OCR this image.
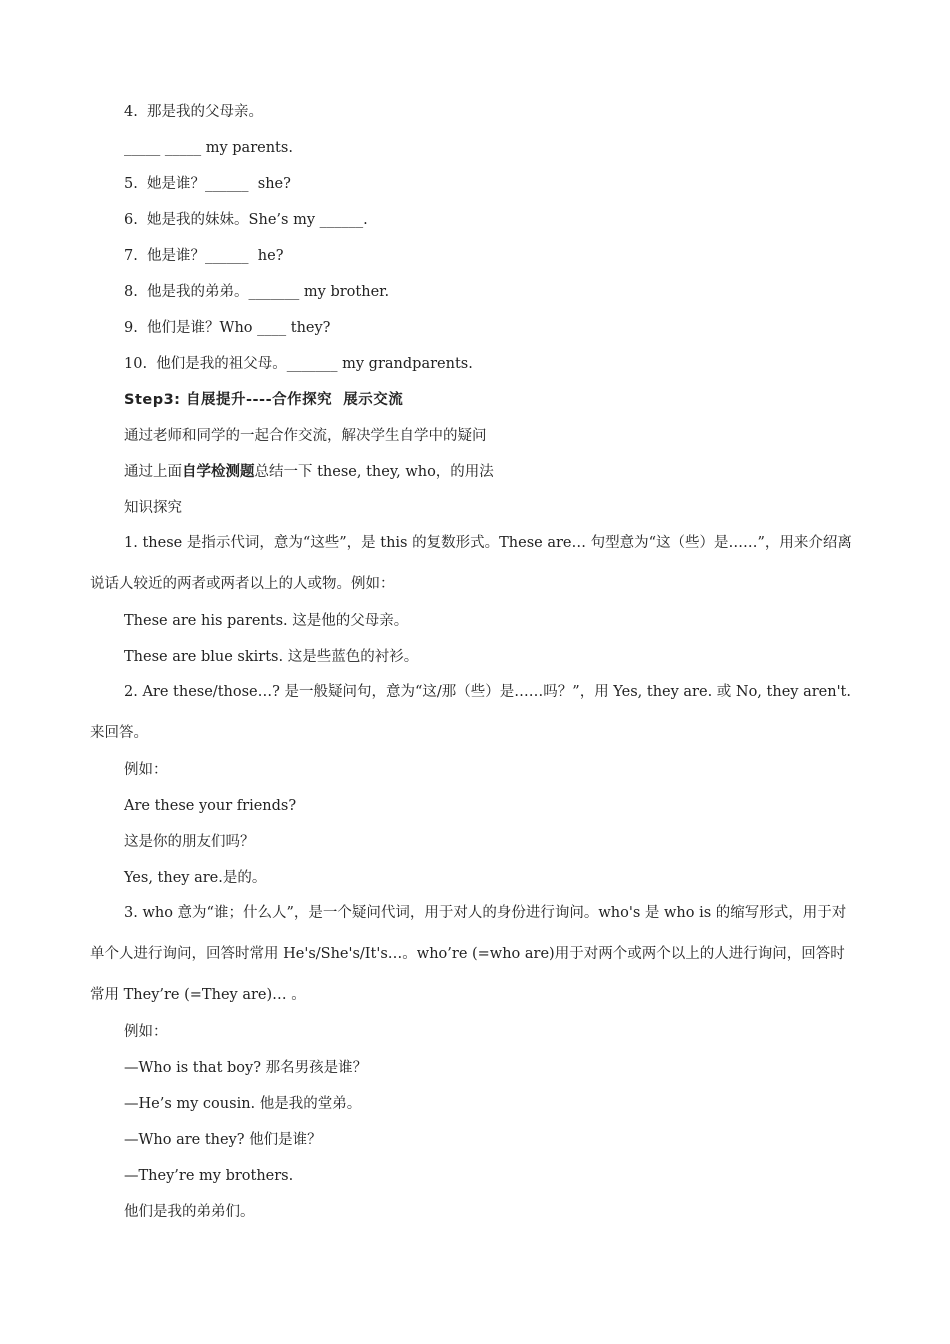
4.  那是我的父母亲。
_____ _____ my parents.
5.  她是谁？______  she?
6.  她是我的妹妹。She’s my ______.
7.  他是谁？______  he?
8.  他是我的弟弟。_______ my brother.
9.  他们是谁？Who ____ they?
10.  他们是我的祖父母。_______ my grandparents.
Step3: 自展提升----合作探究  展示交流
通过老师和同学的一起合作交流，解决学生自学中的疑问
通过上面自学检测题总结一下 these, they, who，的用法
知识探究
1. these 是指示代词，意为“这些”，是 this 的复数形式。These are… 句型意为“这（些）是……”，用来介绍离说话人较近的两者或两者以上的人或物。例如：
These are his parents. 这是他的父母亲。
These are blue skirts. 这是些蓝色的衬衫。
2. Are these/those…? 是一般疑问句，意为“这/那（些）是……吗？”，用 Yes, they are. 或 No, they aren't.来回答。
例如：
Are these your friends?
这是你的朋友们吗？
Yes, they are.是的。
3. who 意为“谁；什么人”，是一个疑问代词，用于对人的身份进行询问。who's 是 who is 的缩写形式，用于对单个人进行询问，回答时常用 He's/She's/It's…。who’re (=who are)用于对两个或两个以上的人进行询问，回答时常用 They’re (=They are)… 。
例如：
—Who is that boy? 那名男孩是谁？
—He’s my cousin. 他是我的堂弟。
—Who are they? 他们是谁？
—They’re my brothers.
他们是我的弟弟们。
